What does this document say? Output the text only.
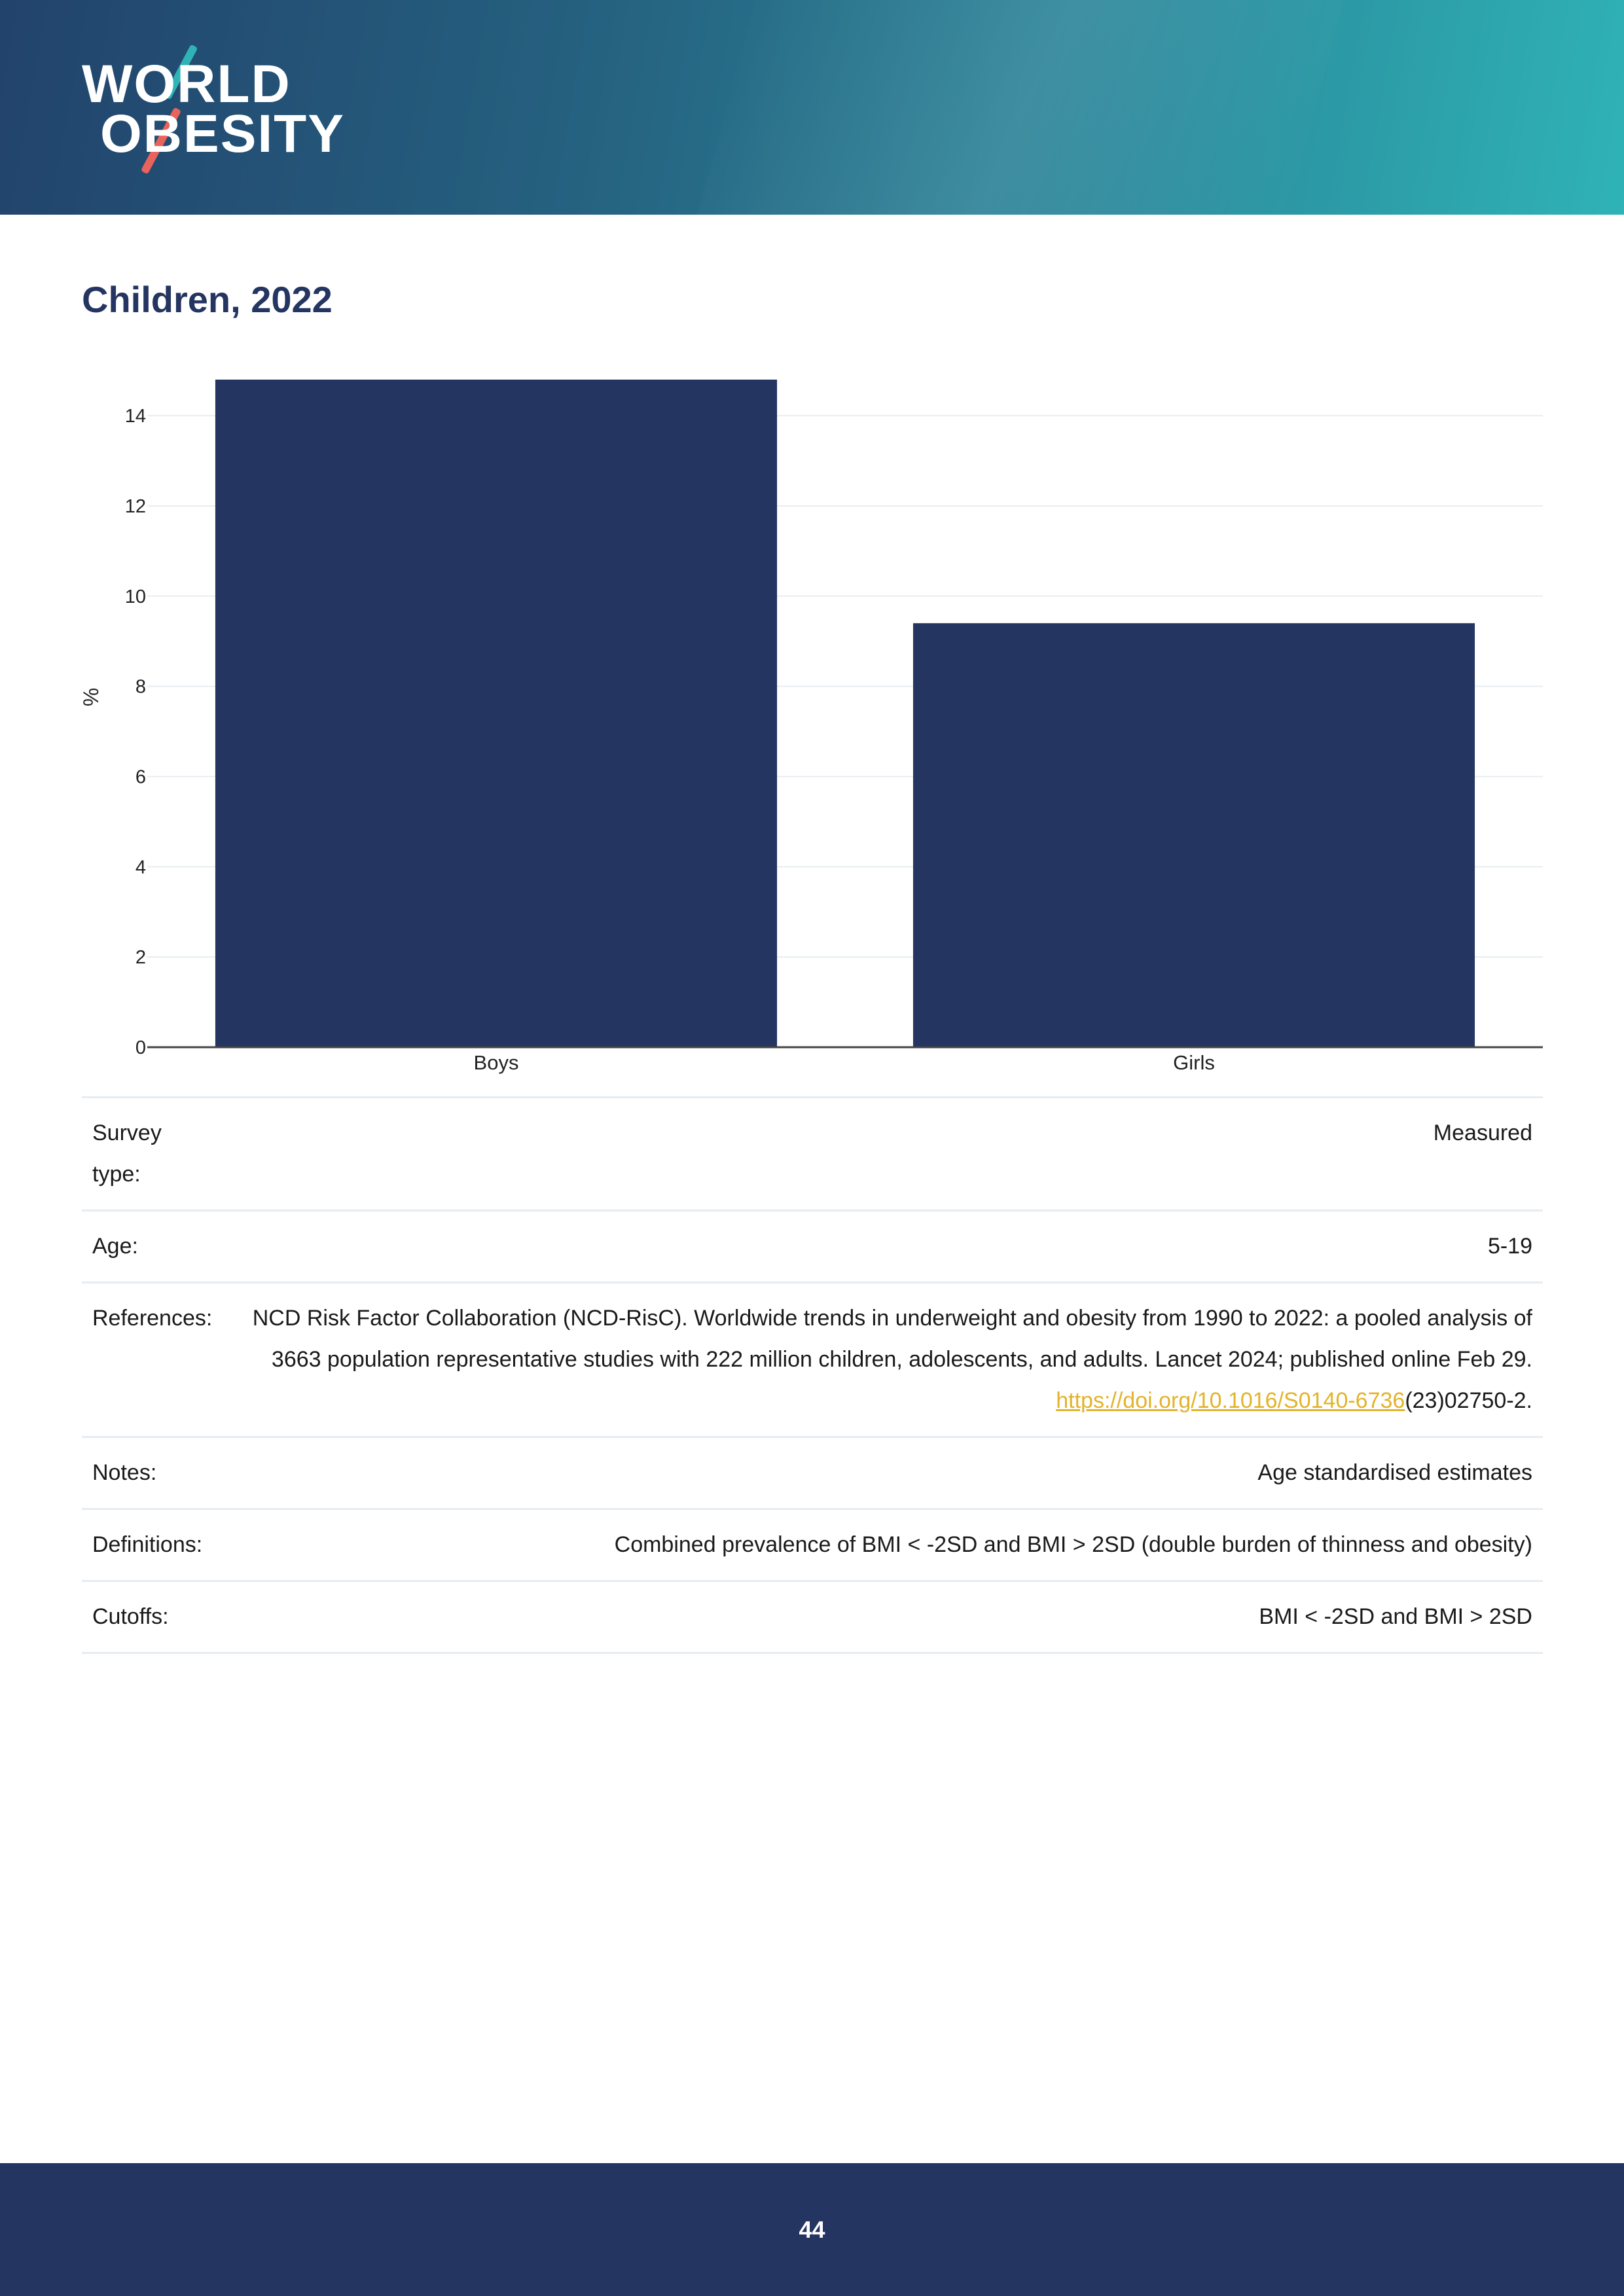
WORLD
OBESITY
Children, 2022
0
2
4
6
8
10
12
14
Boys	Girls
%
Survey type:
Measured
Age:	5-19
References:	NCD Risk Factor Collaboration (NCD-RisC). Worldwide trends in underweight and obesity from 1990 to 2022: a pooled analysis of 3663 population representative studies with 222 million children, adolescents, and adults. Lancet 2024; published online Feb 29. https://doi.org/10.1016/S0140-6736(23)02750-2.
Notes:	Age standardised estimates
Definitions:	Combined prevalence of BMI < -2SD and BMI > 2SD (double burden of thinness and obesity)
Cutoffs:	BMI < -2SD and BMI > 2SD
44
